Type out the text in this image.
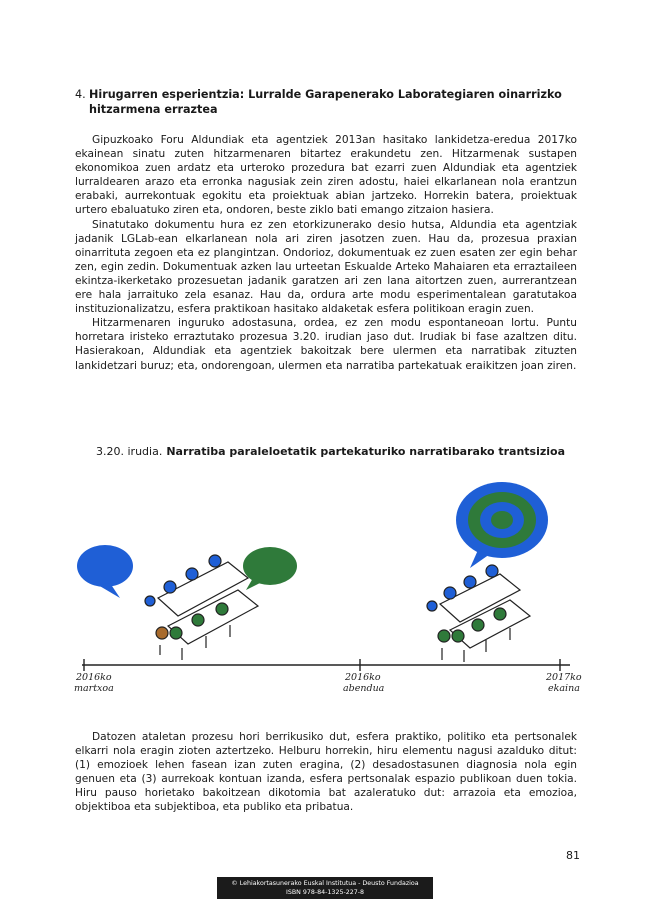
4. Hirugarren esperientzia: Lurralde Garapenerako Laborategiaren oinarrizko hitzarmena erraztea

Gipuzkoako Foru Aldundiak eta agentziek 2013an hasitako lankidetza-eredua 2017ko ekainean sinatu zuten hitzarmenaren bitartez erakundetu zen. Hitzarmenak sustapen ekonomikoa zuen ardatz eta urteroko prozedura bat ezarri zuen Aldundiak eta agentziek lurraldearen arazo eta erronka nagusiak zein ziren adostu, haiei elkarlanean nola erantzun erabaki, aurrekontuak egokitu eta proiektuak abian jartzeko. Horrekin batera, proiektuak urtero ebaluatuko ziren eta, ondoren, beste ziklo bati emango zitzaion hasiera.

Sinatutako dokumentu hura ez zen etorkizunerako desio hutsa, Aldundia eta agentziak jadanik LGLab-ean elkarlanean nola ari ziren jasotzen zuen. Hau da, prozesua praxian oinarrituta zegoen eta ez plangintzan. Ondorioz, dokumentuak ez zuen esaten zer egin behar zen, egin zedin. Dokumentuak azken lau urteetan Eskualde Arteko Mahaiaren eta erraztaileen ekintza-ikerketako prozesuetan jadanik garatzen ari zen lana aitortzen zuen, aurrerantzean ere hala jarraituko zela esanaz. Hau da, ordura arte modu esperimentalean garatutakoa instituzionalizatzu, esfera praktikoan hasitako aldaketak esfera politikoan eragin zuen.

Hitzarmenaren inguruko adostasuna, ordea, ez zen modu espontaneoan lortu. Puntu horretara iristeko erraztutako prozesua 3.20. irudian jaso dut. Irudiak bi fase azaltzen ditu. Hasierakoan, Aldundiak eta agentziek bakoitzak bere ulermen eta narratibak zituzten lankidetzari buruz; eta, ondorengoan, ulermen eta narratiba partekatuak eraikitzen joan ziren.

3.20. irudia. Narratiba paraleloetatik partekaturiko narratibarako trantsizioa
2016ko
martxoa
2016ko
abendua
2017ko
ekaina

Datozen ataletan prozesu hori berrikusiko dut, esfera praktiko, politiko eta pertsonalek elkarri nola eragin zioten aztertzeko. Helburu horrekin, hiru elementu nagusi azalduko ditut: (1) emozioek lehen fasean izan zuten eragina, (2) desadostasunen diagnosia nola egin genuen eta (3) aurrekoak kontuan izanda, esfera pertsonalak espazio publikoan duen tokia. Hiru pauso horietako bakoitzean dikotomia bat azaleratuko dut: arrazoia eta emozioa, objektiboa eta subjektiboa, eta publiko eta pribatua.

81
© Lehiakortasunerako Euskal Institutua - Deusto Fundazioa
ISBN 978-84-1325-227-8
